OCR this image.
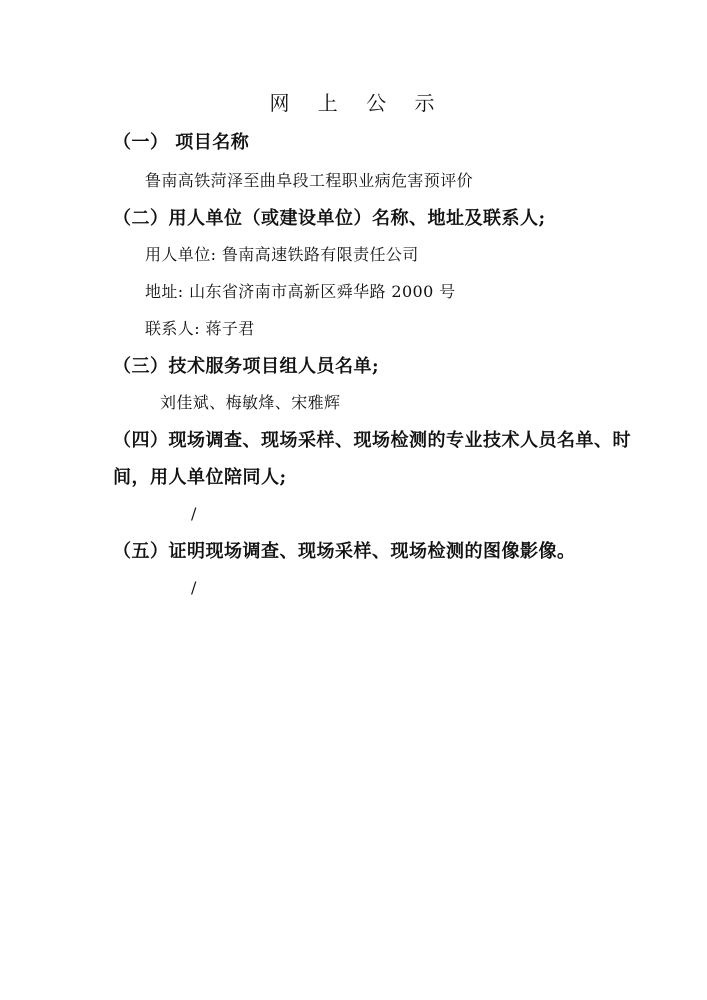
网 上 公 示
（一） 项目名称
鲁南高铁菏泽至曲阜段工程职业病危害预评价
（二）用人单位（或建设单位）名称、地址及联系人;
用人单位: 鲁南高速铁路有限责任公司
地址: 山东省济南市高新区舜华路 2000 号
联系人: 蒋子君
（三）技术服务项目组人员名单;
刘佳斌、梅敏烽、宋雅辉
（四）现场调查、现场采样、现场检测的专业技术人员名单、时
间，用人单位陪同人;
/
（五）证明现场调查、现场采样、现场检测的图像影像。
/
